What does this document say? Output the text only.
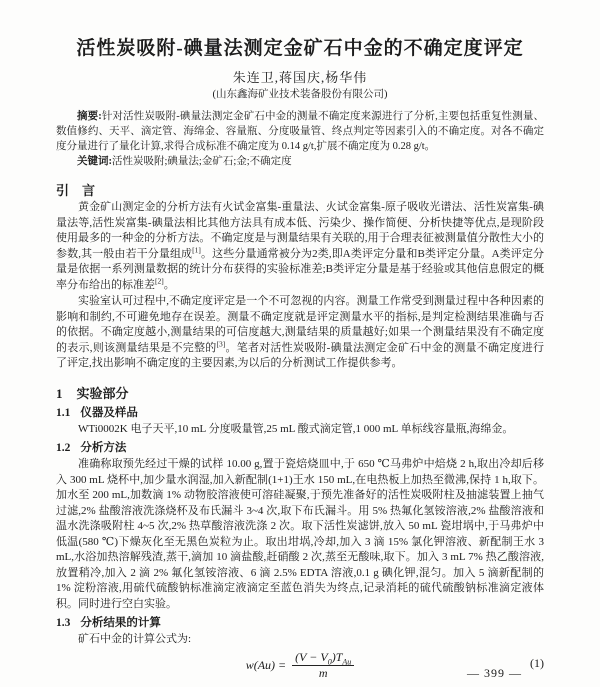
活性炭吸附-碘量法测定金矿石中金的不确定度评定
朱连卫,蒋国庆,杨华伟
(山东鑫海矿业技术装备股份有限公司)
摘要:针对活性炭吸附-碘量法测定金矿石中金的测量不确定度来源进行了分析,主要包括重复性测量、数值修约、天平、滴定管、海绵金、容量瓶、分度吸量管、终点判定等因素引入的不确定度。对各不确定度分量进行了量化计算,求得合成标准不确定度为 0.14 g/t,扩展不确定度为 0.28 g/t。
关键词:活性炭吸附;碘量法;金矿石;金;不确定度
引　言

黄金矿山测定金的分析方法有火试金富集-重量法、火试金富集-原子吸收光谱法、活性炭富集-碘量法等,活性炭富集-碘量法相比其他方法具有成本低、污染少、操作简便、分析快捷等优点,是现阶段使用最多的一种金的分析方法。不确定度是与测量结果有关联的,用于合理表征被测量值分散性大小的参数,其一般由若干分量组成[1]。这些分量通常被分为2类,即A类评定分量和B类评定分量。A类评定分量是依据一系列测量数据的统计分布获得的实验标准差;B类评定分量是基于经验或其他信息假定的概率分布给出的标准差[2]。

实验室认可过程中,不确定度评定是一个不可忽视的内容。测量工作常受到测量过程中各种因素的影响和制约,不可避免地存在误差。测量不确定度就是评定测量水平的指标,是判定检测结果准确与否的依据。不确定度越小,测量结果的可信度越大,测量结果的质量越好;如果一个测量结果没有不确定度的表示,则该测量结果是不完整的[3]。笔者对活性炭吸附-碘量法测定金矿石中金的测量不确定度进行了评定,找出影响不确定度的主要因素,为以后的分析测试工作提供参考。

1 实验部分
1.1 仪器及样品

WTi0002K 电子天平,10 mL 分度吸量管,25 mL 酸式滴定管,1 000 mL 单标线容量瓶,海绵金。

1.2 分析方法

准确称取预先经过干燥的试样 10.00 g,置于瓷焙烧皿中,于 650 ℃马弗炉中焙烧 2 h,取出冷却后移入 300 mL 烧杯中,加少量水润湿,加入新配制(1+1)王水 150 mL,在电热板上加热至微沸,保持 1 h,取下。加水至 200 mL,加数滴 1% 动物胶溶液使可溶硅凝聚,于预先准备好的活性炭吸附柱及抽滤装置上抽气过滤,2% 盐酸溶液洗涤烧杯及布氏漏斗 3~4 次,取下布氏漏斗。用 5% 热氟化氢铵溶液,2% 盐酸溶液和温水洗涤吸附柱 4~5 次,2% 热草酸溶液洗涤 2 次。取下活性炭滤饼,放入 50 mL 瓷坩埚中,于马弗炉中低温(580 ℃)下燥灰化至无黑色炭粒为止。取出坩埚,冷却,加入 3 滴 15% 氯化钾溶液、新配制王水 3 mL,水浴加热溶解残渣,蒸干,滴加 10 滴盐酸,赶硝酸 2 次,蒸至无酸味,取下。加入 3 mL 7% 热乙酸溶液,放置稍冷,加入 2 滴 2% 氟化氢铵溶液、6 滴 2.5% EDTA 溶液,0.1 g 碘化钾,混匀。加入 5 滴新配制的 1% 淀粉溶液,用硫代硫酸钠标准滴定液滴定至蓝色消失为终点,记录消耗的硫代硫酸钠标准滴定液体积。同时进行空白实验。

1.3 分析结果的计算

矿石中金的计算公式为:

$w(Au) = \frac{(V - V_0)T_{Au}}{m}$	(1)
— 399 —
